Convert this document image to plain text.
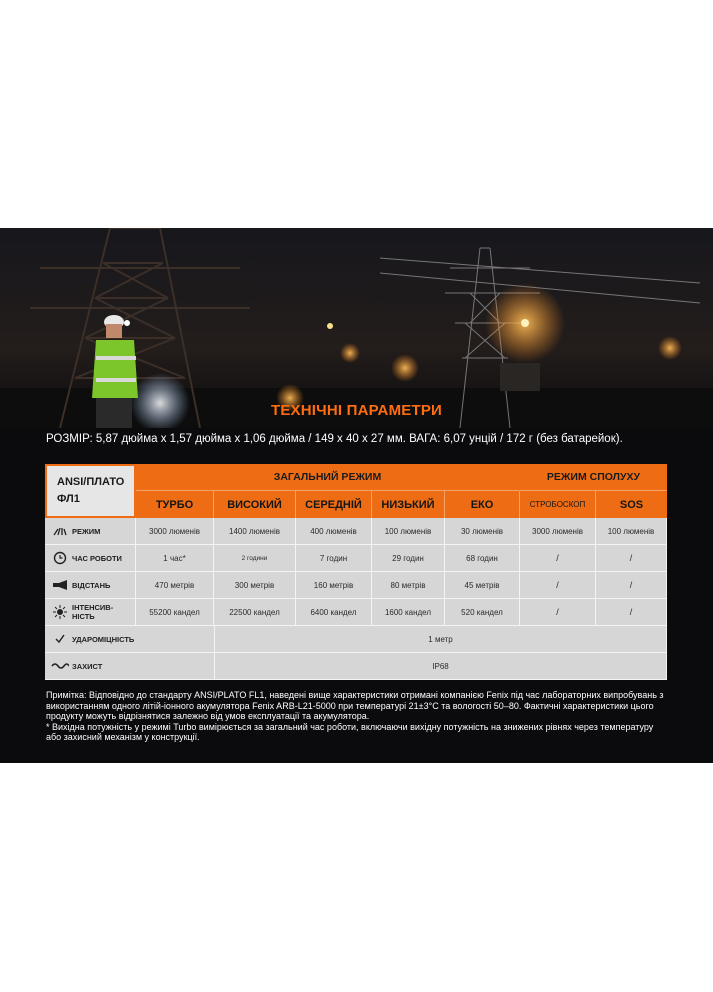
ТЕХНІЧНІ ПАРАМЕТРИ
РОЗМІР: 5,87 дюйма х 1,57 дюйма х 1,06 дюйма / 149 x 40 x 27 мм. ВАГА: 6,07 унцій / 172 г (без батарейок).
ANSI/ПЛАТО ФЛ1
ЗАГАЛЬНИЙ РЕЖИМ	РЕЖИМ СПОЛУХУ
ТУРБО	ВИСОКИЙ	СЕРЕДНІЙ	НИЗЬКИЙ	ЕКО	СТРОБОСКОП	SOS
РЕЖИМ	3000 люменів	1400 люменів	400 люменів	100 люменів	30 люменів	3000 люменів	100 люменів
ЧАС РОБОТИ	1 час*	2 години	7 годин	29 годин	68 годин	/	/
ВІДСТАНЬ	470 метрів	300 метрів	160 метрів	80 метрів	45 метрів	/	/
ІНТЕНСИВ-НІСТЬ	55200 кандел	22500 кандел	6400 кандел	1600 кандел	520 кандел	/	/
УДАРОМІЦНІСТЬ	1 метр
ЗАХИСТ	IP68
Примітка: Відповідно до стандарту ANSI/PLATO FL1, наведені вище характеристики отримані компанією Fenix під час лабораторних випробувань з використанням одного літій-іонного акумулятора Fenix ARB-L21-5000 при температурі 21±3°C та вологості 50–80. Фактичні характеристики цього продукту можуть відрізнятися залежно від умов експлуатації та акумулятора.
* Вихідна потужність у режимі Turbo вимірюється за загальний час роботи, включаючи вихідну потужність на знижених рівнях через температуру або захисний механізм у конструкції.
